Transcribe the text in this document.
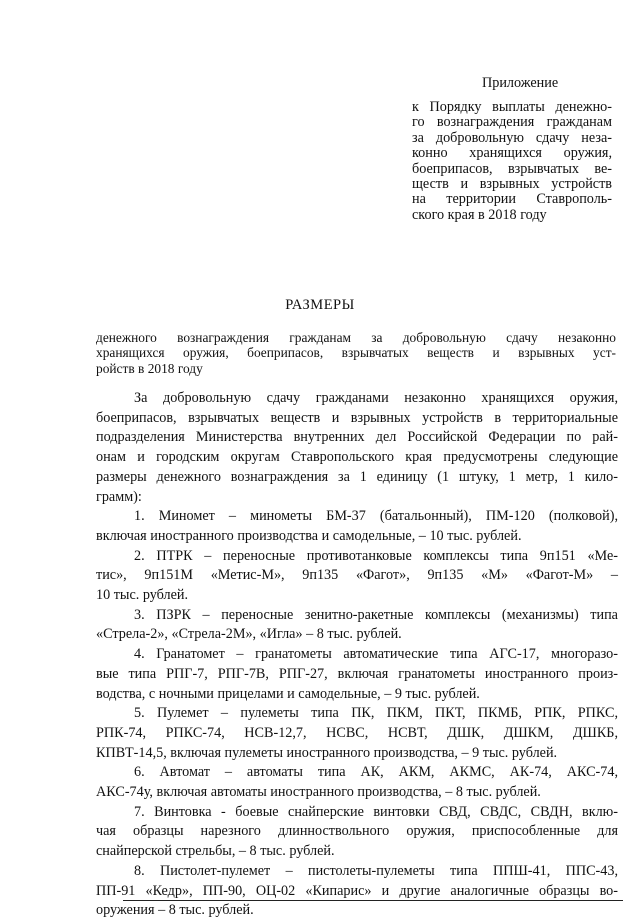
Приложение
к Порядку выплаты денежно-
го вознаграждения гражданам
за добровольную сдачу неза-
конно хранящихся оружия,
боеприпасов, взрывчатых ве-
ществ и взрывных устройств
на территории Ставрополь-
ского края в 2018 году
РАЗМЕРЫ
денежного вознаграждения гражданам за добровольную сдачу незаконно
хранящихся оружия, боеприпасов, взрывчатых веществ и взрывных уст-
ройств в 2018 году
За добровольную сдачу гражданами незаконно хранящихся оружия,
боеприпасов, взрывчатых веществ и взрывных устройств в территориальные
подразделения Министерства внутренних дел Российской Федерации по рай-
онам и городским округам Ставропольского края предусмотрены следующие
размеры денежного вознаграждения за 1 единицу (1 штуку, 1 метр, 1 кило-
грамм):
1. Миномет – минометы БМ-37 (батальонный), ПМ-120 (полковой),
включая иностранного производства и самодельные, – 10 тыс. рублей.
2. ПТРК – переносные противотанковые комплексы типа 9п151 «Ме-
тис», 9п151М «Метис-М», 9п135 «Фагот», 9п135 «М» «Фагот-М» –
10 тыс. рублей.
3. ПЗРК – переносные зенитно-ракетные комплексы (механизмы) типа
«Стрела-2», «Стрела-2М», «Игла» – 8 тыс. рублей.
4. Гранатомет – гранатометы автоматические типа АГС-17, многоразо-
вые типа РПГ-7, РПГ-7В, РПГ-27, включая гранатометы иностранного произ-
водства, с ночными прицелами и самодельные, – 9 тыс. рублей.
5. Пулемет – пулеметы типа ПК, ПКМ, ПКТ, ПКМБ, РПК, РПКС,
РПК-74, РПКС-74, НСВ-12,7, НСВС, НСВТ, ДШК, ДШКМ, ДШКБ,
КПВТ-14,5, включая пулеметы иностранного производства, – 9 тыс. рублей.
6. Автомат – автоматы типа АК, АКМ, АКМС, АК-74, АКС-74,
АКС-74у, включая автоматы иностранного производства, – 8 тыс. рублей.
7. Винтовка - боевые снайперские винтовки СВД, СВДС, СВДН, вклю-
чая образцы нарезного длинноствольного оружия, приспособленные для
снайперской стрельбы, – 8 тыс. рублей.
8. Пистолет-пулемет – пистолеты-пулеметы типа ППШ-41, ППС-43,
ПП-91 «Кедр», ПП-90, ОЦ-02 «Кипарис» и другие аналогичные образцы во-
оружения – 8 тыс. рублей.
